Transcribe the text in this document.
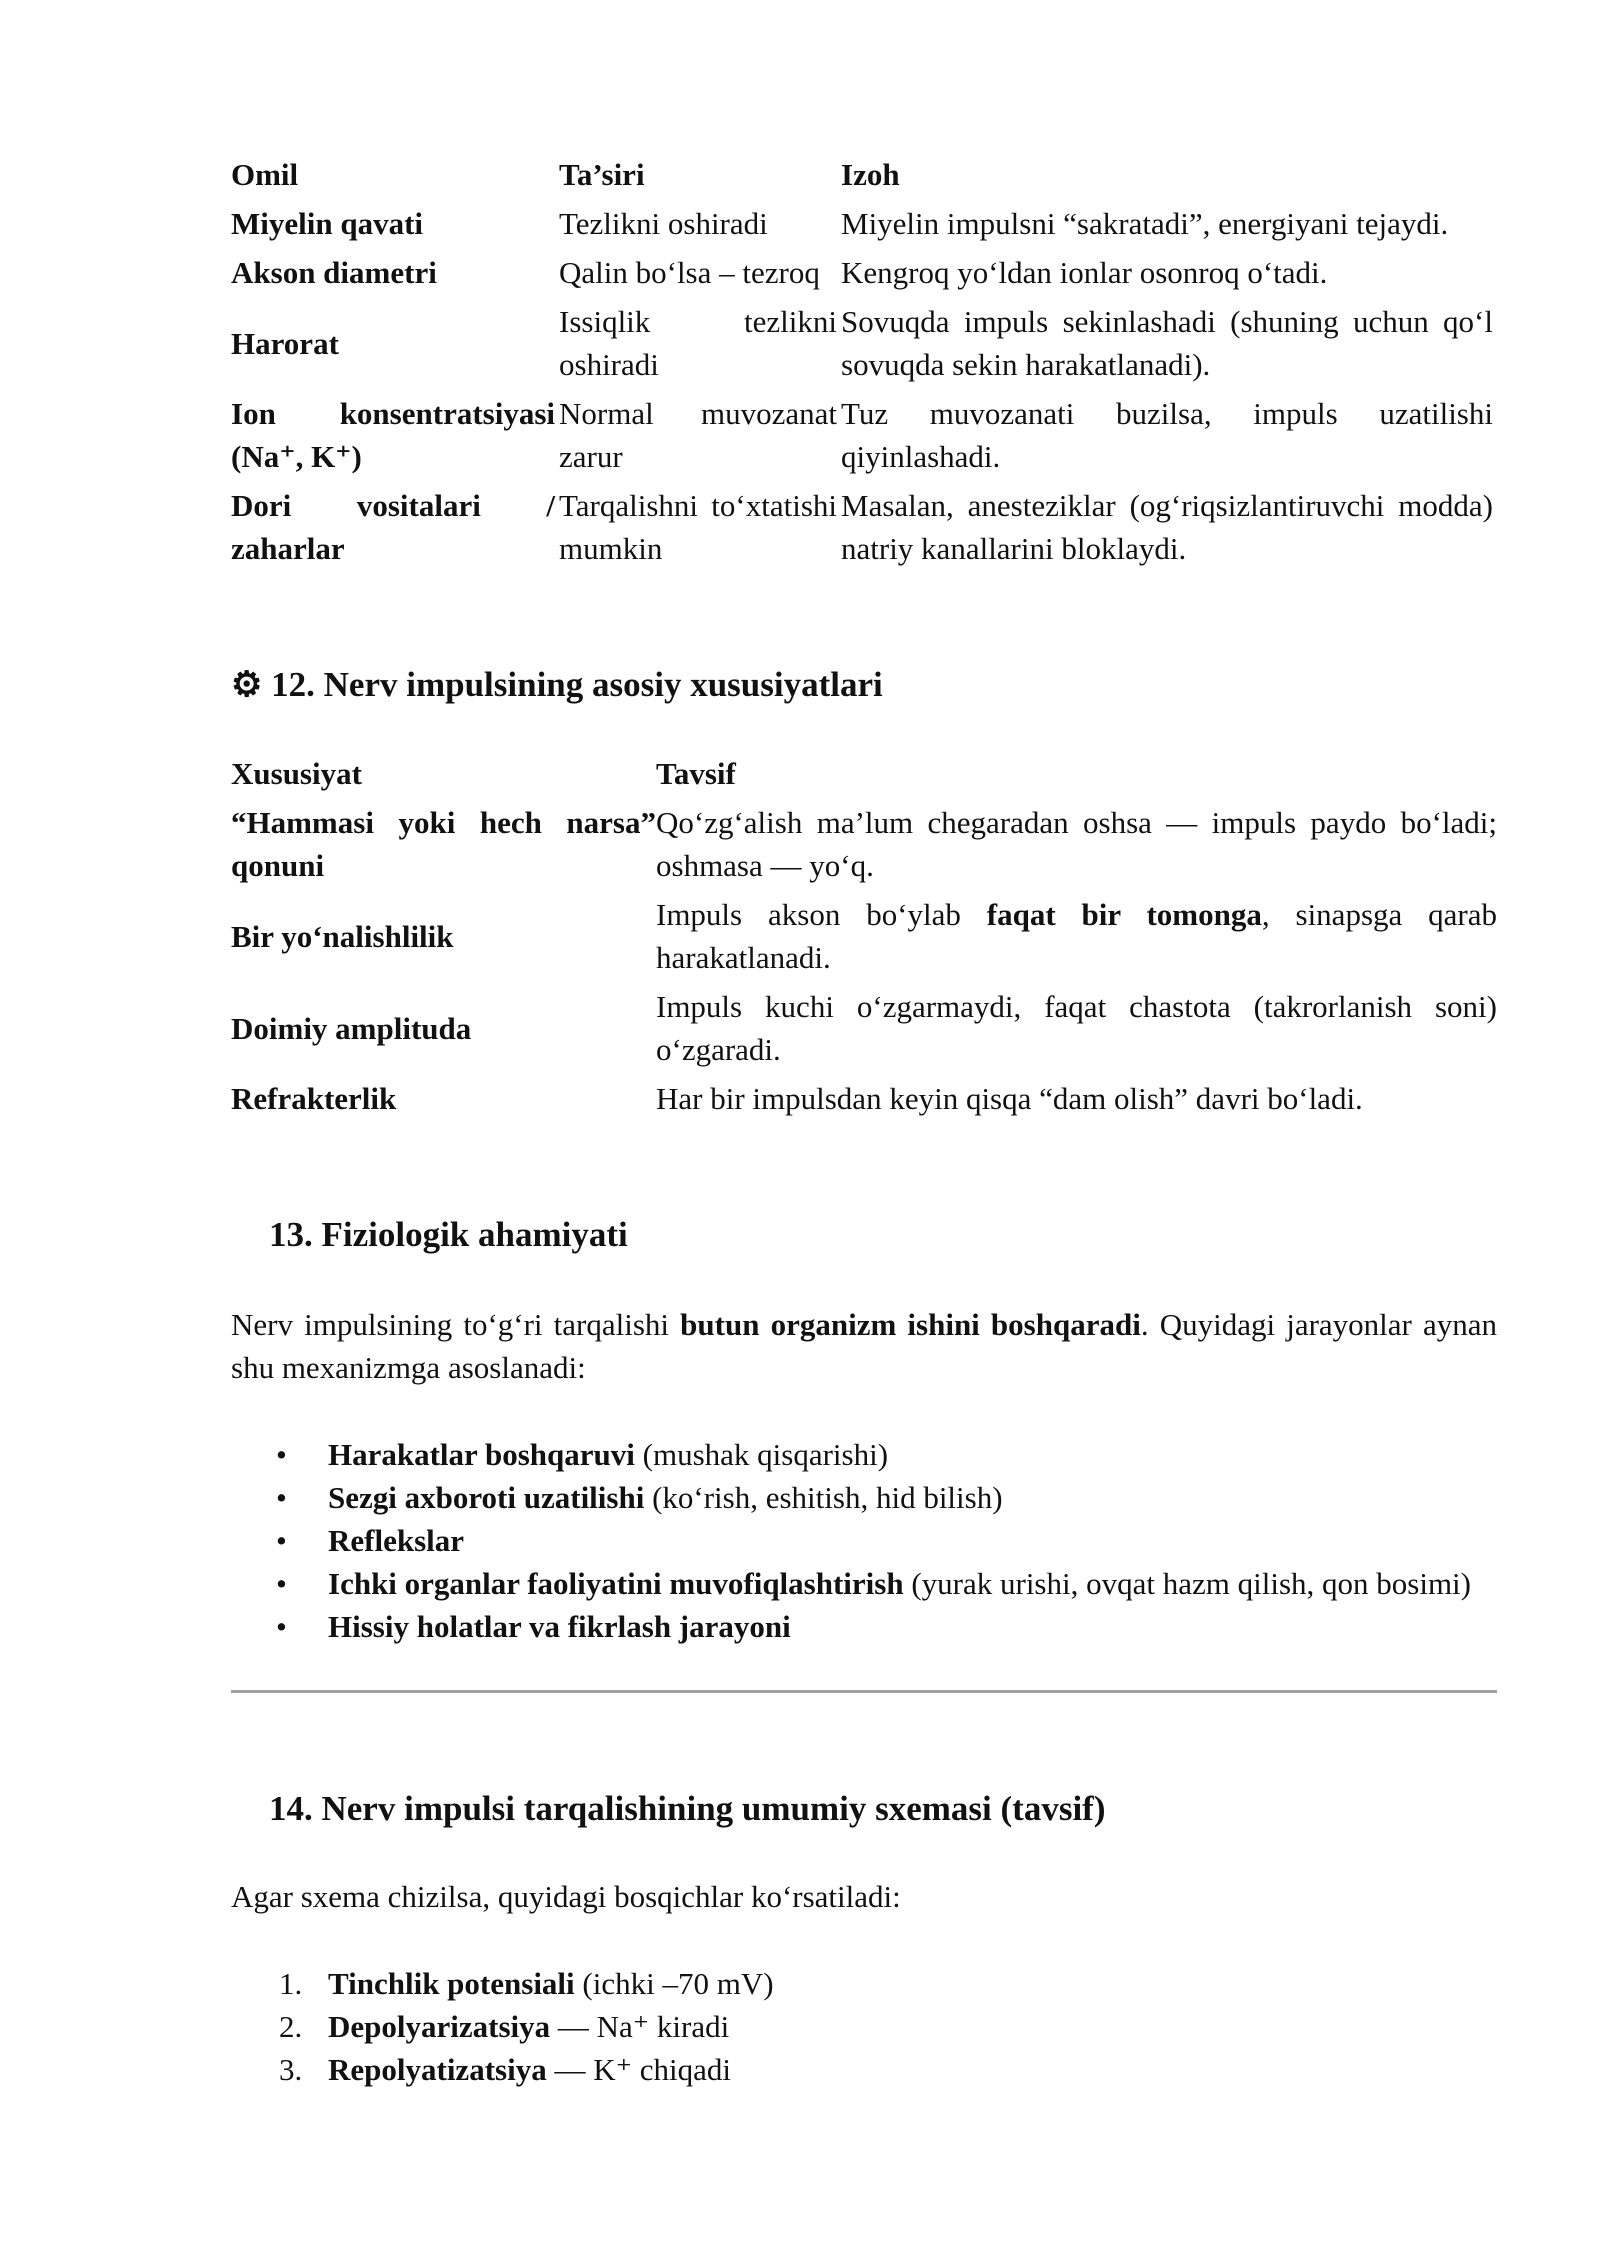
Omil	Ta’siri	Izoh
Miyelin qavati	Tezlikni oshiradi	Miyelin impulsni “sakratadi”, energiyani tejaydi.
Akson diametri	Qalin bo‘lsa – tezroq	Kengroq yo‘ldan ionlar osonroq o‘tadi.
Harorat	Issiqlik tezlikni oshiradi	Sovuqda impuls sekinlashadi (shuning uchun qo‘l sovuqda sekin harakatlanadi).
Ion konsentratsiyasi (Na⁺, K⁺)	Normal muvozanat zarur	Tuz muvozanati buzilsa, impuls uzatilishi qiyinlashadi.
Dori vositalari / zaharlar	Tarqalishni to‘xtatishi mumkin	Masalan, anesteziklar (og‘riqsizlantiruvchi modda) natriy kanallarini bloklaydi.
⚙ 12. Nerv impulsining asosiy xususiyatlari
Xususiyat	Tavsif
“Hammasi yoki hech narsa” qonuni	Qo‘zg‘alish ma’lum chegaradan oshsa — impuls paydo bo‘ladi; oshmasa — yo‘q.
Bir yo‘nalishlilik	Impuls akson bo‘ylab faqat bir tomonga, sinapsga qarab harakatlanadi.
Doimiy amplituda	Impuls kuchi o‘zgarmaydi, faqat chastota (takrorlanish soni) o‘zgaradi.
Refrakterlik	Har bir impulsdan keyin qisqa “dam olish” davri bo‘ladi.
13. Fiziologik ahamiyati

Nerv impulsining to‘g‘ri tarqalishi butun organizm ishini boshqaradi. Quyidagi jarayonlar aynan shu mexanizmga asoslanadi:

• Harakatlar boshqaruvi (mushak qisqarishi)
• Sezgi axboroti uzatilishi (ko‘rish, eshitish, hid bilish)
• Reflekslar
• Ichki organlar faoliyatini muvofiqlashtirish (yurak urishi, ovqat hazm qilish, qon bosimi)
• Hissiy holatlar va fikrlash jarayoni
14. Nerv impulsi tarqalishining umumiy sxemasi (tavsif)

Agar sxema chizilsa, quyidagi bosqichlar ko‘rsatiladi:

1. Tinchlik potensiali (ichki –70 mV)
2. Depolyarizatsiya — Na⁺ kiradi
3. Repolyatizatsiya — K⁺ chiqadi
